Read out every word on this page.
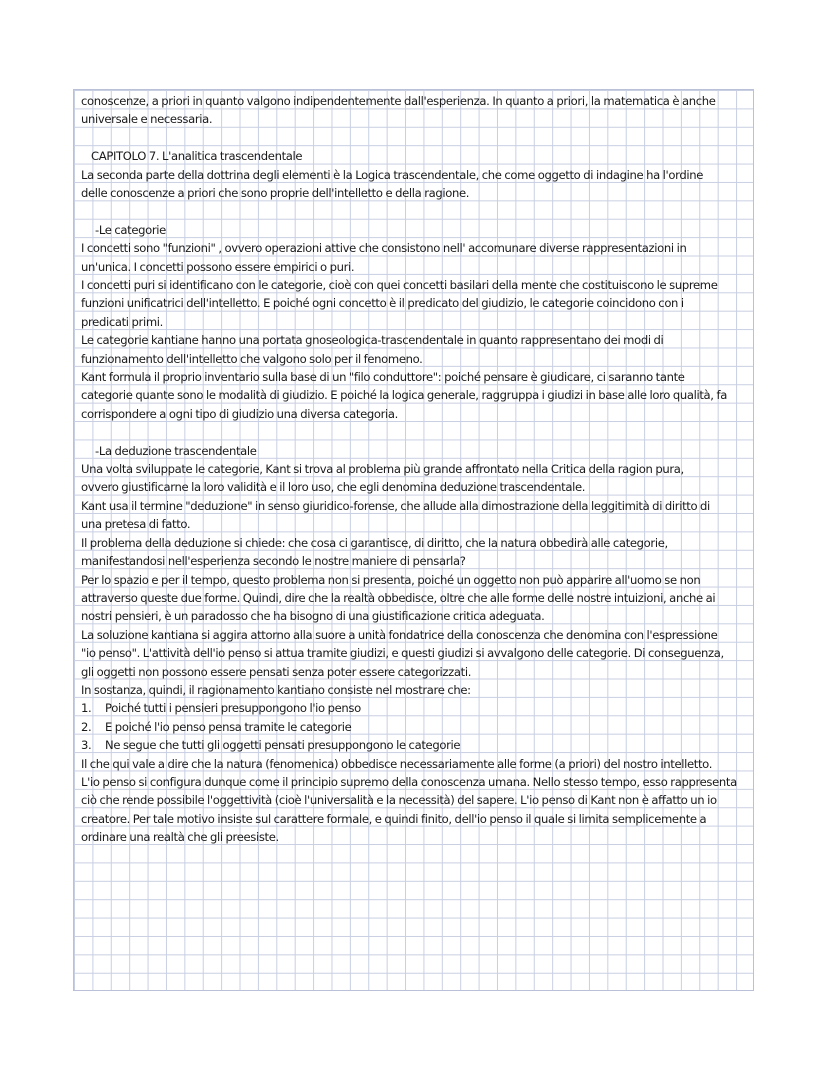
conoscenze, a priori in quanto valgono indipendentemente dall'esperienza. In quanto a priori, la matematica è anche

universale e necessaria.

CAPITOLO 7. L'analitica trascendentale

La seconda parte della dottrina degli elementi è la Logica trascendentale, che come oggetto di indagine ha l'ordine

delle conoscenze a priori che sono proprie dell'intelletto e della ragione.

-Le categorie

I concetti sono "funzioni" , ovvero operazioni attive che consistono nell' accomunare diverse rappresentazioni in

un'unica. I concetti possono essere empirici o puri.

I concetti puri si identificano con le categorie, cioè con quei concetti basilari della mente che costituiscono le supreme

funzioni unificatrici dell'intelletto. E poiché ogni concetto è il predicato del giudizio, le categorie coincidono con i

predicati primi.

Le categorie kantiane hanno una portata gnoseologica-trascendentale in quanto rappresentano dei modi di

funzionamento dell'intelletto che valgono solo per il fenomeno.

Kant formula il proprio inventario sulla base di un "filo conduttore": poiché pensare è giudicare, ci saranno tante

categorie quante sono le modalità di giudizio. E poiché la logica generale, raggruppa i giudizi in base alle loro qualità, fa

corrispondere a ogni tipo di giudizio una diversa categoria.

-La deduzione trascendentale

Una volta sviluppate le categorie, Kant si trova al problema più grande affrontato nella Critica della ragion pura,

ovvero giustificarne la loro validità e il loro uso, che egli denomina deduzione trascendentale.

Kant usa il termine "deduzione" in senso giuridico-forense, che allude alla dimostrazione della leggitimità di diritto di

una pretesa di fatto.

Il problema della deduzione si chiede: che cosa ci garantisce, di diritto, che la natura obbedirà alle categorie,

manifestandosi nell'esperienza secondo le nostre maniere di pensarla?

Per lo spazio e per il tempo, questo problema non si presenta, poiché un oggetto non può apparire all'uomo se non

attraverso queste due forme. Quindi, dire che la realtà obbedisce, oltre che alle forme delle nostre intuizioni, anche ai

nostri pensieri, è un paradosso che ha bisogno di una giustificazione critica adeguata.

La soluzione kantiana si aggira attorno alla suore a unità fondatrice della conoscenza che denomina con l'espressione

"io penso". L'attività dell'io penso si attua tramite giudizi, e questi giudizi si avvalgono delle categorie. Di conseguenza,

gli oggetti non possono essere pensati senza poter essere categorizzati.

In sostanza, quindi, il ragionamento kantiano consiste nel mostrare che:

1.	Poiché tutti i pensieri presuppongono l'io penso
2.	E poiché l'io penso pensa tramite le categorie
3.	Ne segue che tutti gli oggetti pensati presuppongono le categorie

Il che qui vale a dire che la natura (fenomenica) obbedisce necessariamente alle forme (a priori) del nostro intelletto.

L'io penso si configura dunque come il principio supremo della conoscenza umana. Nello stesso tempo, esso rappresenta

ciò che rende possibile l'oggettività (cioè l'universalità e la necessità) del sapere. L'io penso di Kant non è affatto un io

creatore. Per tale motivo insiste sul carattere formale, e quindi finito, dell'io penso il quale si limita semplicemente a

ordinare una realtà che gli preesiste.
